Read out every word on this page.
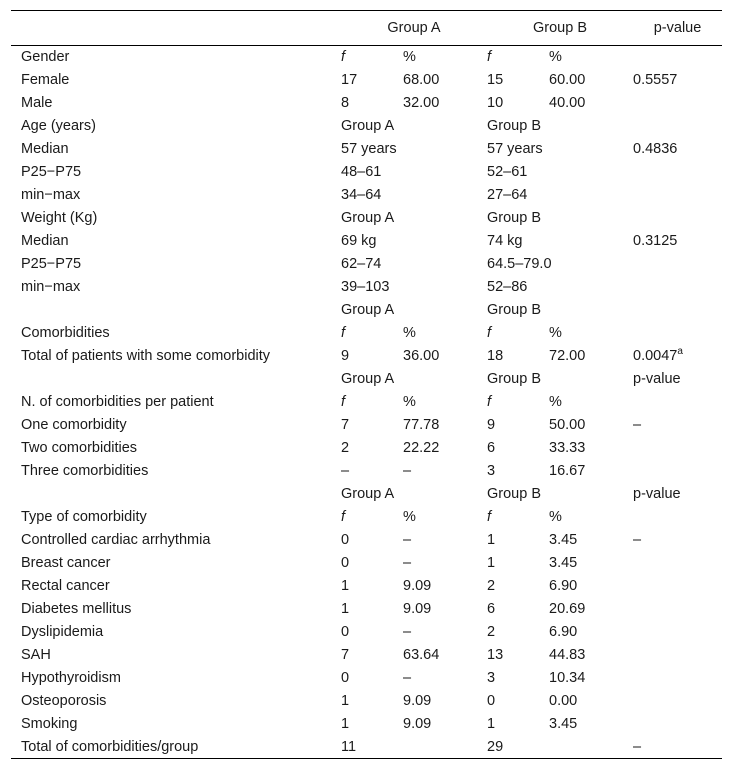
	Group A		Group B		p-value
Gender	f	%	f	%	
Female	17	68.00	15	60.00	0.5557
Male	8	32.00	10	40.00	
Age (years)	Group A		Group B		
Median	57 years		57 years		0.4836
P25−P75	48–61		52–61		
min−max	34–64		27–64		
Weight (Kg)	Group A		Group B		
Median	69 kg		74 kg		0.3125
P25−P75	62–74		64.5–79.0		
min−max	39–103		52–86		
	Group A		Group B		
Comorbidities	f	%	f	%	
Total of patients with some comorbidity	9	36.00	18	72.00	0.0047$^a$
	Group A		Group B		p-value
N. of comorbidities per patient	f	%	f	%	
One comorbidity	7	77.78	9	50.00	–
Two comorbidities	2	22.22	6	33.33	
Three comorbidities	–	–	3	16.67	
	Group A		Group B		p-value
Type of comorbidity	f	%	f	%	
Controlled cardiac arrhythmia	0	–	1	3.45	–
Breast cancer	0	–	1	3.45	
Rectal cancer	1	9.09	2	6.90	
Diabetes mellitus	1	9.09	6	20.69	
Dyslipidemia	0	–	2	6.90	
SAH	7	63.64	13	44.83	
Hypothyroidism	0	–	3	10.34	
Osteoporosis	1	9.09	0	0.00	
Smoking	1	9.09	1	3.45	
Total of comorbidities/group	11		29		–
